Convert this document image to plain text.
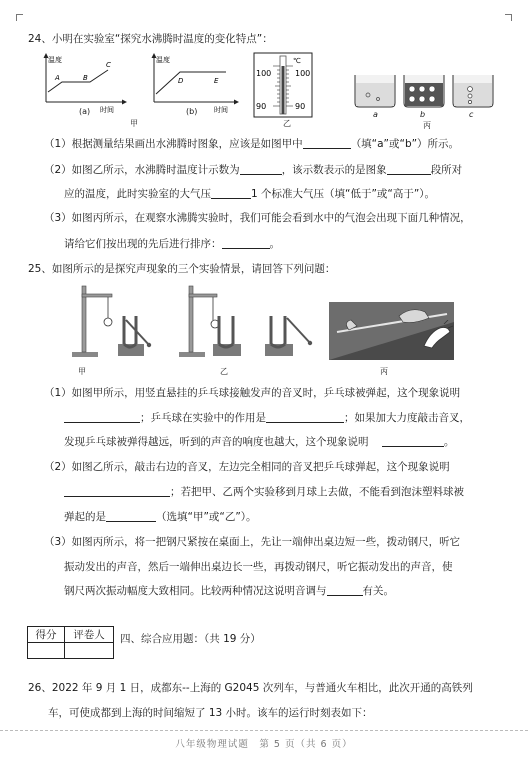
24、小明在实验室“探究水沸腾时温度的变化特点”：
温度
A	B
C
时间
(a)
温度
D	E
时间
(b)
℃
100
90
100
90
a	b	c
甲	乙	丙
（1）根据测量结果画出水沸腾时图象，应该是如图甲中	（填“a”或“b”）所示。
（2）如图乙所示，水沸腾时温度计示数为	，该示数表示的是图象	段所对
应的温度，此时实验室的大气压	1 个标准大气压（填“低于”或“高于”）。
（3）如图丙所示，在观察水沸腾实验时，我们可能会看到水中的气泡会出现下面几种情况，
请给它们按出现的先后进行排序：	。
25、如图所示的是探究声现象的三个实验情景，请回答下列问题：
甲	乙	丙
（1）如图甲所示，用竖直悬挂的乒乓球接触发声的音叉时，乒乓球被弹起，这个现象说明
；乒乓球在实验中的作用是	；如果加大力度敲击音叉，
发现乒乓球被弹得越远，听到的声音的响度也越大，这个现象说明	。
（2）如图乙所示，敲击右边的音叉，左边完全相同的音叉把乒乓球弹起，这个现象说明
；若把甲、乙两个实验移到月球上去做，不能看到泡沫塑料球被
弹起的是	（选填“甲”或“乙”）。
（3）如图丙所示，将一把钢尺紧按在桌面上，先让一端伸出桌边短一些，拨动钢尺，听它
振动发出的声音，然后一端伸出桌边长一些，再拨动钢尺，听它振动发出的声音，使
钢尺两次振动幅度大致相同。比较两种情况这说明音调与	有关。
得分	评卷人
	四、综合应用题：（共 19 分）
26、2022 年 9 月 1 日，成都东--上海的 G2045 次列车，与普通火车相比，此次开通的高铁列
车，可使成都到上海的时间缩短了 13 小时。该车的运行时刻表如下：
八年级物理试题　第 5 页（共 6 页）
